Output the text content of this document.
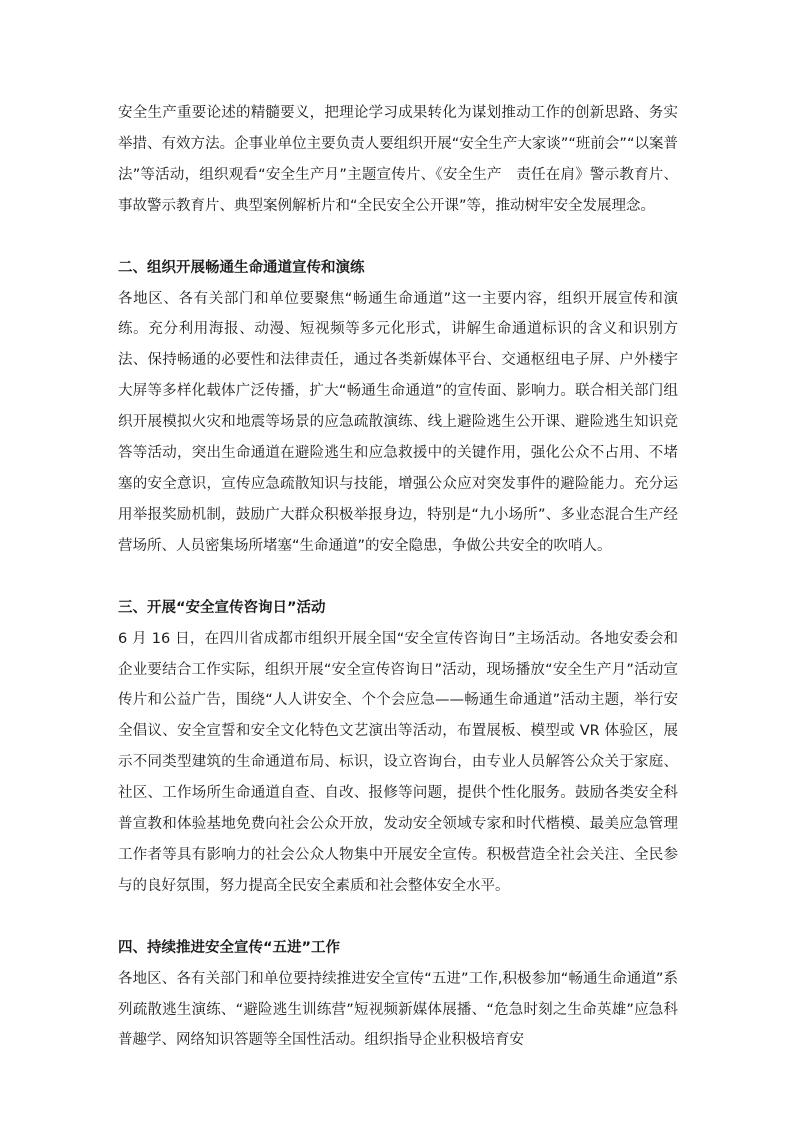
安全生产重要论述的精髓要义，把理论学习成果转化为谋划推动工作的创新思路、务实举措、有效方法。企事业单位主要负责人要组织开展“安全生产大家谈”“班前会”“以案普法”等活动，组织观看“安全生产月”主题宣传片、《安全生产　责任在肩》警示教育片、事故警示教育片、典型案例解析片和“全民安全公开课”等，推动树牢安全发展理念。

二、组织开展畅通生命通道宣传和演练

各地区、各有关部门和单位要聚焦“畅通生命通道”这一主要内容，组织开展宣传和演练。充分利用海报、动漫、短视频等多元化形式，讲解生命通道标识的含义和识别方法、保持畅通的必要性和法律责任，通过各类新媒体平台、交通枢纽电子屏、户外楼宇大屏等多样化载体广泛传播，扩大“畅通生命通道”的宣传面、影响力。联合相关部门组织开展模拟火灾和地震等场景的应急疏散演练、线上避险逃生公开课、避险逃生知识竞答等活动，突出生命通道在避险逃生和应急救援中的关键作用，强化公众不占用、不堵塞的安全意识，宣传应急疏散知识与技能，增强公众应对突发事件的避险能力。充分运用举报奖励机制，鼓励广大群众积极举报身边，特别是“九小场所”、多业态混合生产经营场所、人员密集场所堵塞“生命通道”的安全隐患，争做公共安全的吹哨人。

三、开展“安全宣传咨询日”活动

6 月 16 日，在四川省成都市组织开展全国“安全宣传咨询日”主场活动。各地安委会和企业要结合工作实际，组织开展“安全宣传咨询日”活动，现场播放“安全生产月”活动宣传片和公益广告，围绕“人人讲安全、个个会应急——畅通生命通道”活动主题，举行安全倡议、安全宣誓和安全文化特色文艺演出等活动，布置展板、模型或 VR 体验区，展示不同类型建筑的生命通道布局、标识，设立咨询台，由专业人员解答公众关于家庭、社区、工作场所生命通道自查、自改、报修等问题，提供个性化服务。鼓励各类安全科普宣教和体验基地免费向社会公众开放，发动安全领域专家和时代楷模、最美应急管理工作者等具有影响力的社会公众人物集中开展安全宣传。积极营造全社会关注、全民参与的良好氛围，努力提高全民安全素质和社会整体安全水平。

四、持续推进安全宣传“五进”工作

各地区、各有关部门和单位要持续推进安全宣传“五进”工作,积极参加“畅通生命通道”系列疏散逃生演练、“避险逃生训练营”短视频新媒体展播、“危急时刻之生命英雄”应急科普趣学、网络知识答题等全国性活动。组织指导企业积极培育安
